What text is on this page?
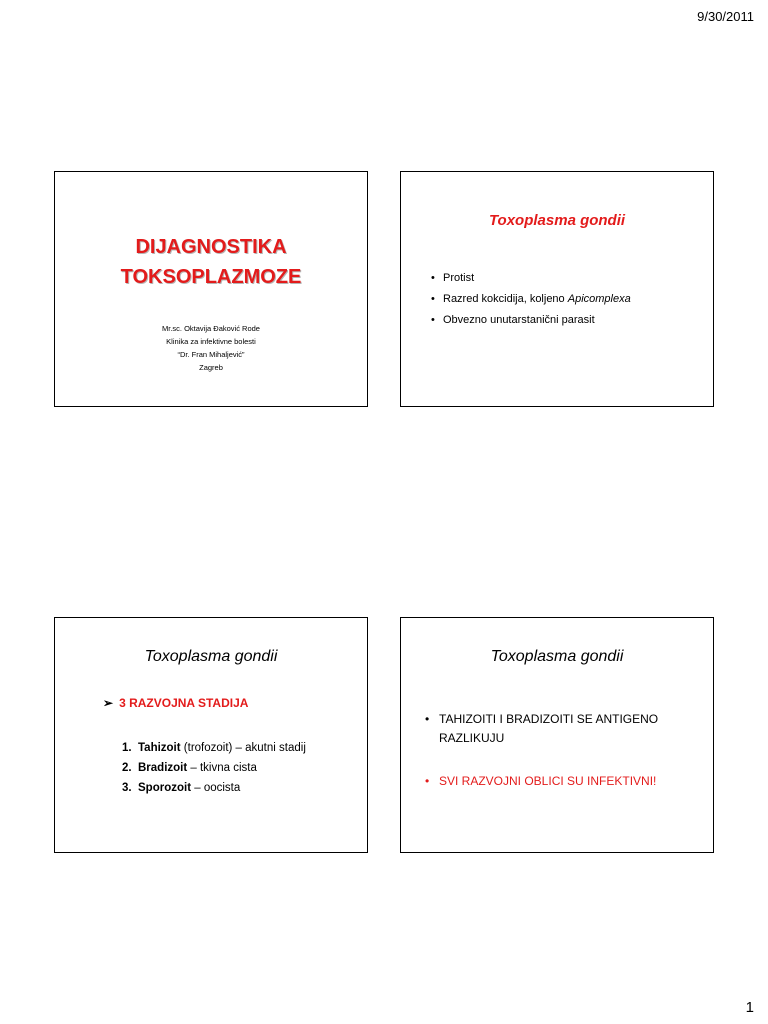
9/30/2011
DIJAGNOSTIKA
TOKSOPLAZMOZE
Mr.sc. Oktavija Đaković Rode
Klinika za infektivne bolesti
“Dr. Fran Mihaljević”
Zagreb
Toxoplasma gondii
• Protist
• Razred kokcidija, koljeno Apicomplexa
• Obvezno unutarstanični parasit
Toxoplasma gondii
➢ 3 RAZVOJNA STADIJA
1. Tahizoit (trofozoit) – akutni stadij
2. Bradizoit – tkivna cista
3. Sporozoit – oocista
Toxoplasma gondii
• TAHIZOITI I BRADIZOITI SE ANTIGENO RAZLIKUJU
• SVI RAZVOJNI OBLICI SU INFEKTIVNI!
1
